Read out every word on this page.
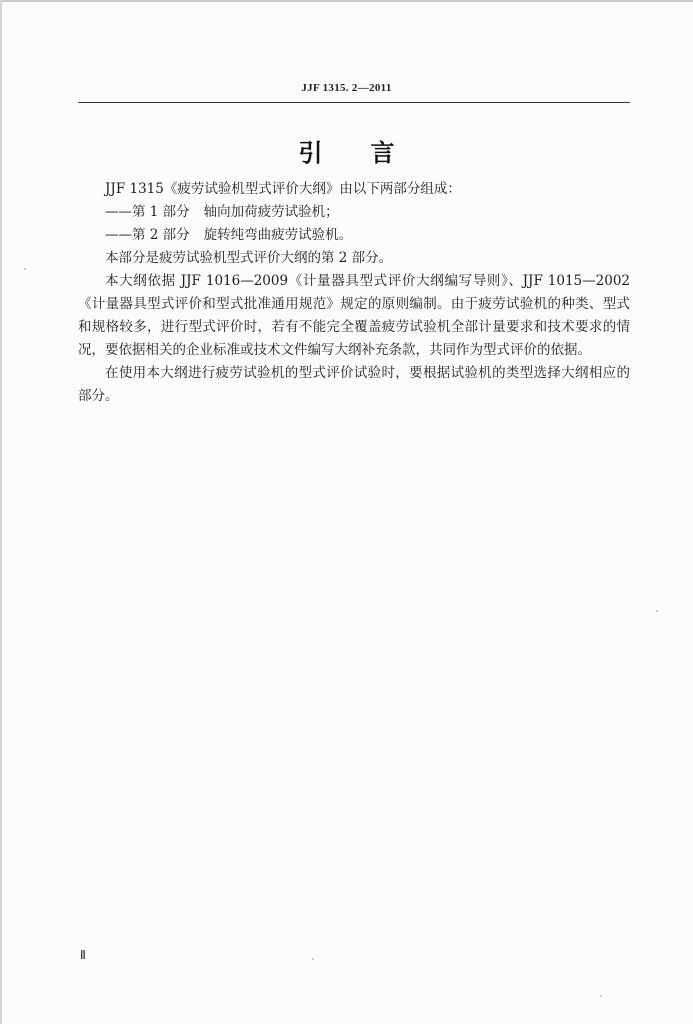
JJF 1315. 2—2011
引言

JJF 1315《疲劳试验机型式评价大纲》由以下两部分组成：

——第 1 部分 轴向加荷疲劳试验机；

——第 2 部分 旋转纯弯曲疲劳试验机。

本部分是疲劳试验机型式评价大纲的第 2 部分。

本大纲依据 JJF 1016—2009《计量器具型式评价大纲编写导则》、JJF 1015—2002《计量器具型式评价和型式批准通用规范》规定的原则编制。由于疲劳试验机的种类、型式和规格较多，进行型式评价时，若有不能完全覆盖疲劳试验机全部计量要求和技术要求的情况，要依据相关的企业标准或技术文件编写大纲补充条款，共同作为型式评价的依据。

在使用本大纲进行疲劳试验机的型式评价试验时，要根据试验机的类型选择大纲相应的部分。

Ⅱ
